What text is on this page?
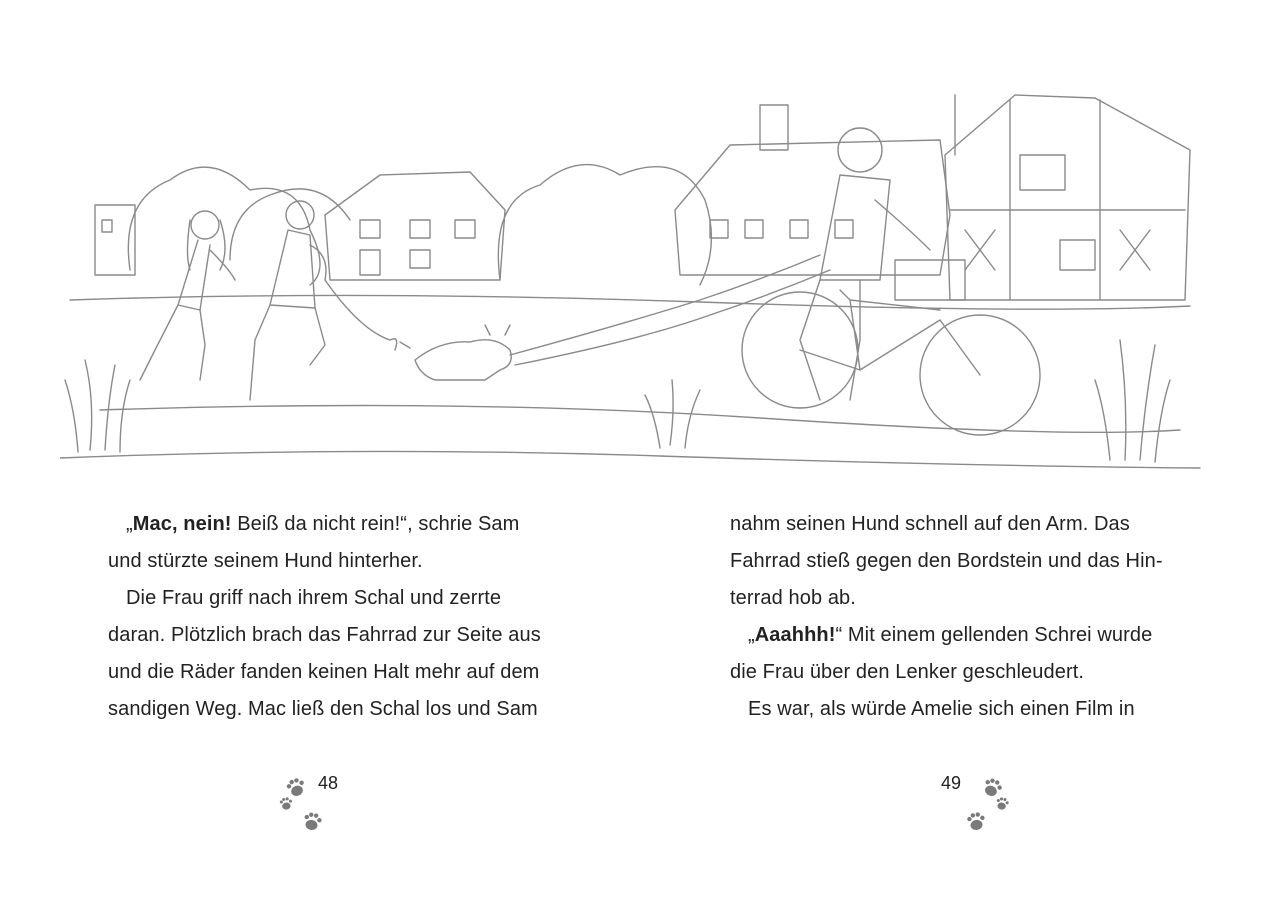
„Mac, nein! Beiß da nicht rein!“, schrie Sam
und stürzte seinem Hund hinterher.
Die Frau griff nach ihrem Schal und zerrte
daran. Plötzlich brach das Fahrrad zur Seite aus
und die Räder fanden keinen Halt mehr auf dem
sandigen Weg. Mac ließ den Schal los und Sam
nahm seinen Hund schnell auf den Arm. Das
Fahrrad stieß gegen den Bordstein und das Hin-
terrad hob ab.
„Aaahhh!“ Mit einem gellenden Schrei wurde
die Frau über den Lenker geschleudert.
Es war, als würde Amelie sich einen Film in
48	49
